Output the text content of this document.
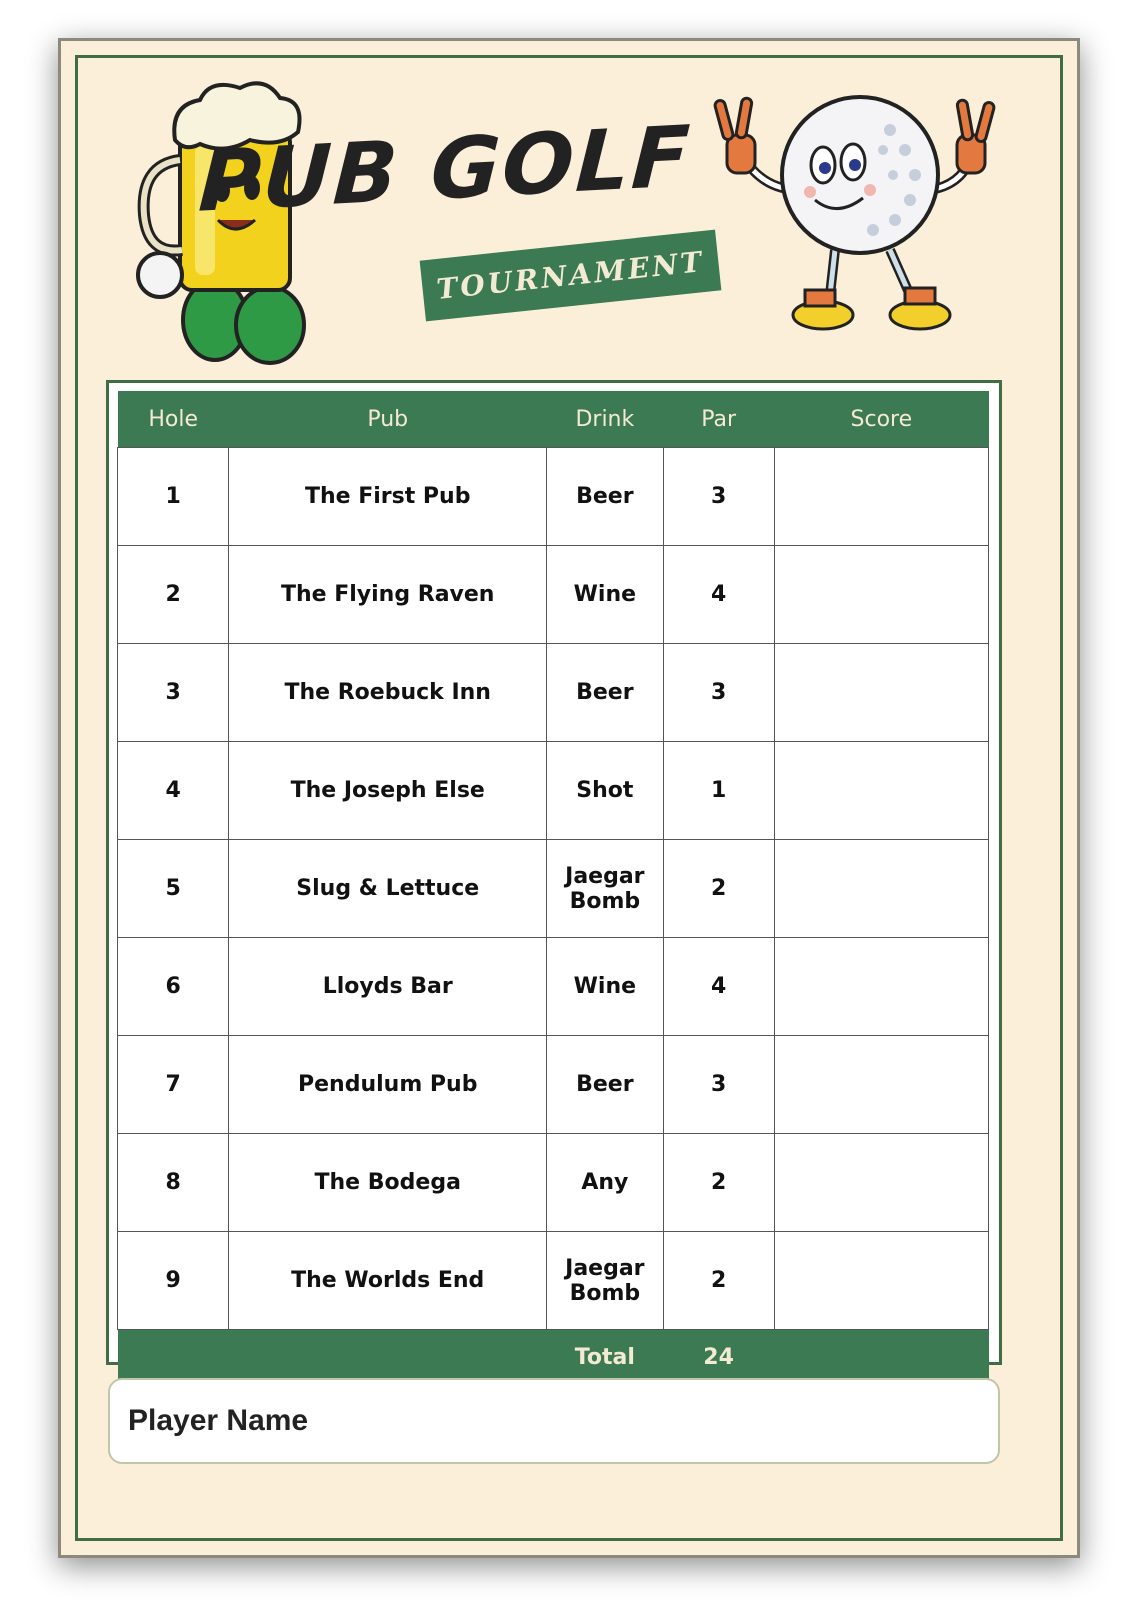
PUB GOLF
TOURNAMENT
Hole	Pub	Drink	Par	Score
1	The First Pub	Beer	3	
2	The Flying Raven	Wine	4	
3	The Roebuck Inn	Beer	3	
4	The Joseph Else	Shot	1	
5	Slug & Lettuce	Jaegar Bomb	2	
6	Lloyds Bar	Wine	4	
7	Pendulum Pub	Beer	3	
8	The Bodega	Any	2	
9	The Worlds End	Jaegar Bomb	2	
		Total	24	
Player Name
